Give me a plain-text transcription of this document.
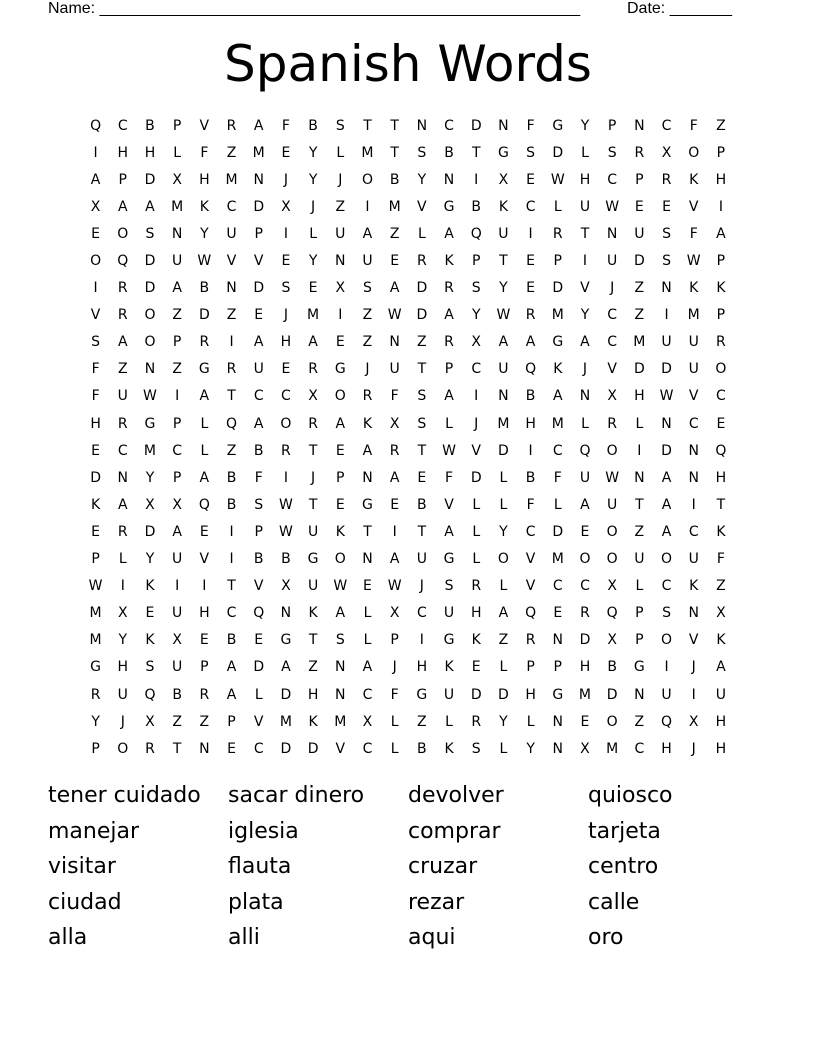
Name: ______________________________________________________	Date: _______
Spanish Words
Q	C	B	P	V	R	A	F	B	S	T	T	N	C	D	N	F	G	Y	P	N	C	F	Z
I	H	H	L	F	Z	M	E	Y	L	M	T	S	B	T	G	S	D	L	S	R	X	O	P
A	P	D	X	H	M	N	J	Y	J	O	B	Y	N	I	X	E	W	H	C	P	R	K	H
X	A	A	M	K	C	D	X	J	Z	I	M	V	G	B	K	C	L	U	W	E	E	V	I
E	O	S	N	Y	U	P	I	L	U	A	Z	L	A	Q	U	I	R	T	N	U	S	F	A
O	Q	D	U	W	V	V	E	Y	N	U	E	R	K	P	T	E	P	I	U	D	S	W	P
I	R	D	A	B	N	D	S	E	X	S	A	D	R	S	Y	E	D	V	J	Z	N	K	K
V	R	O	Z	D	Z	E	J	M	I	Z	W	D	A	Y	W	R	M	Y	C	Z	I	M	P
S	A	O	P	R	I	A	H	A	E	Z	N	Z	R	X	A	A	G	A	C	M	U	U	R
F	Z	N	Z	G	R	U	E	R	G	J	U	T	P	C	U	Q	K	J	V	D	D	U	O
F	U	W	I	A	T	C	C	X	O	R	F	S	A	I	N	B	A	N	X	H	W	V	C
H	R	G	P	L	Q	A	O	R	A	K	X	S	L	J	M	H	M	L	R	L	N	C	E
E	C	M	C	L	Z	B	R	T	E	A	R	T	W	V	D	I	C	Q	O	I	D	N	Q
D	N	Y	P	A	B	F	I	J	P	N	A	E	F	D	L	B	F	U	W	N	A	N	H
K	A	X	X	Q	B	S	W	T	E	G	E	B	V	L	L	F	L	A	U	T	A	I	T
E	R	D	A	E	I	P	W	U	K	T	I	T	A	L	Y	C	D	E	O	Z	A	C	K
P	L	Y	U	V	I	B	B	G	O	N	A	U	G	L	O	V	M	O	O	U	O	U	F
W	I	K	I	I	T	V	X	U	W	E	W	J	S	R	L	V	C	C	X	L	C	K	Z
M	X	E	U	H	C	Q	N	K	A	L	X	C	U	H	A	Q	E	R	Q	P	S	N	X
M	Y	K	X	E	B	E	G	T	S	L	P	I	G	K	Z	R	N	D	X	P	O	V	K
G	H	S	U	P	A	D	A	Z	N	A	J	H	K	E	L	P	P	H	B	G	I	J	A
R	U	Q	B	R	A	L	D	H	N	C	F	G	U	D	D	H	G	M	D	N	U	I	U
Y	J	X	Z	Z	P	V	M	K	M	X	L	Z	L	R	Y	L	N	E	O	Z	Q	X	H
P	O	R	T	N	E	C	D	D	V	C	L	B	K	S	L	Y	N	X	M	C	H	J	H
tener cuidado	sacar dinero	devolver	quiosco
manejar	iglesia	comprar	tarjeta
visitar	flauta	cruzar	centro
ciudad	plata	rezar	calle
alla	alli	aqui	oro
